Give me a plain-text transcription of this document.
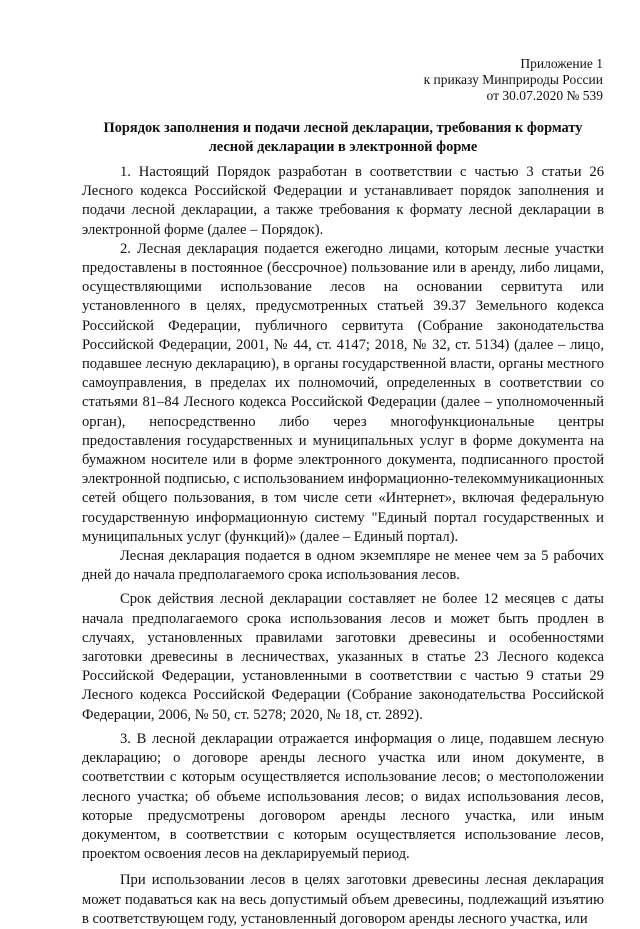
Приложение 1
к приказу Минприроды России
от 30.07.2020 № 539
Порядок заполнения и подачи лесной декларации, требования к формату
лесной декларации в электронной форме

1. Настоящий Порядок разработан в соответствии с частью 3 статьи 26 Лесного кодекса Российской Федерации и устанавливает порядок заполнения и подачи лесной декларации, а также требования к формату лесной декларации в электронной форме (далее – Порядок).

2. Лесная декларация подается ежегодно лицами, которым лесные участки предоставлены в постоянное (бессрочное) пользование или в аренду, либо лицами, осуществляющими использование лесов на основании сервитута или установленного в целях, предусмотренных статьей 39.37 Земельного кодекса Российской Федерации, публичного сервитута (Собрание законодательства Российской Федерации, 2001, № 44, ст. 4147; 2018, № 32, ст. 5134) (далее – лицо, подавшее лесную декларацию), в органы государственной власти, органы местного самоуправления, в пределах их полномочий, определенных в соответствии со статьями 81–84 Лесного кодекса Российской Федерации (далее – уполномоченный орган), непосредственно либо через многофункциональные центры предоставления государственных и муниципальных услуг в форме документа на бумажном носителе или в форме электронного документа, подписанного простой электронной подписью, с использованием информационно-телекоммуникационных сетей общего пользования, в том числе сети «Интернет», включая федеральную государственную информационную систему "Единый портал государственных и муниципальных услуг (функций)» (далее – Единый портал).

Лесная декларация подается в одном экземпляре не менее чем за 5 рабочих дней до начала предполагаемого срока использования лесов.

Срок действия лесной декларации составляет не более 12 месяцев с даты начала предполагаемого срока использования лесов и может быть продлен в случаях, установленных правилами заготовки древесины и особенностями заготовки древесины в лесничествах, указанных в статье 23 Лесного кодекса Российской Федерации, установленными в соответствии с частью 9 статьи 29 Лесного кодекса Российской Федерации (Собрание законодательства Российской Федерации, 2006, № 50, ст. 5278; 2020, № 18, ст. 2892).

3. В лесной декларации отражается информация о лице, подавшем лесную декларацию; о договоре аренды лесного участка или ином документе, в соответствии с которым осуществляется использование лесов; о местоположении лесного участка; об объеме использования лесов; о видах использования лесов, которые предусмотрены договором аренды лесного участка, или иным документом, в соответствии с которым осуществляется использование лесов, проектом освоения лесов на декларируемый период.

При использовании лесов в целях заготовки древесины лесная декларация может подаваться как на весь допустимый объем древесины, подлежащий изъятию в соответствующем году, установленный договором аренды лесного участка, или
